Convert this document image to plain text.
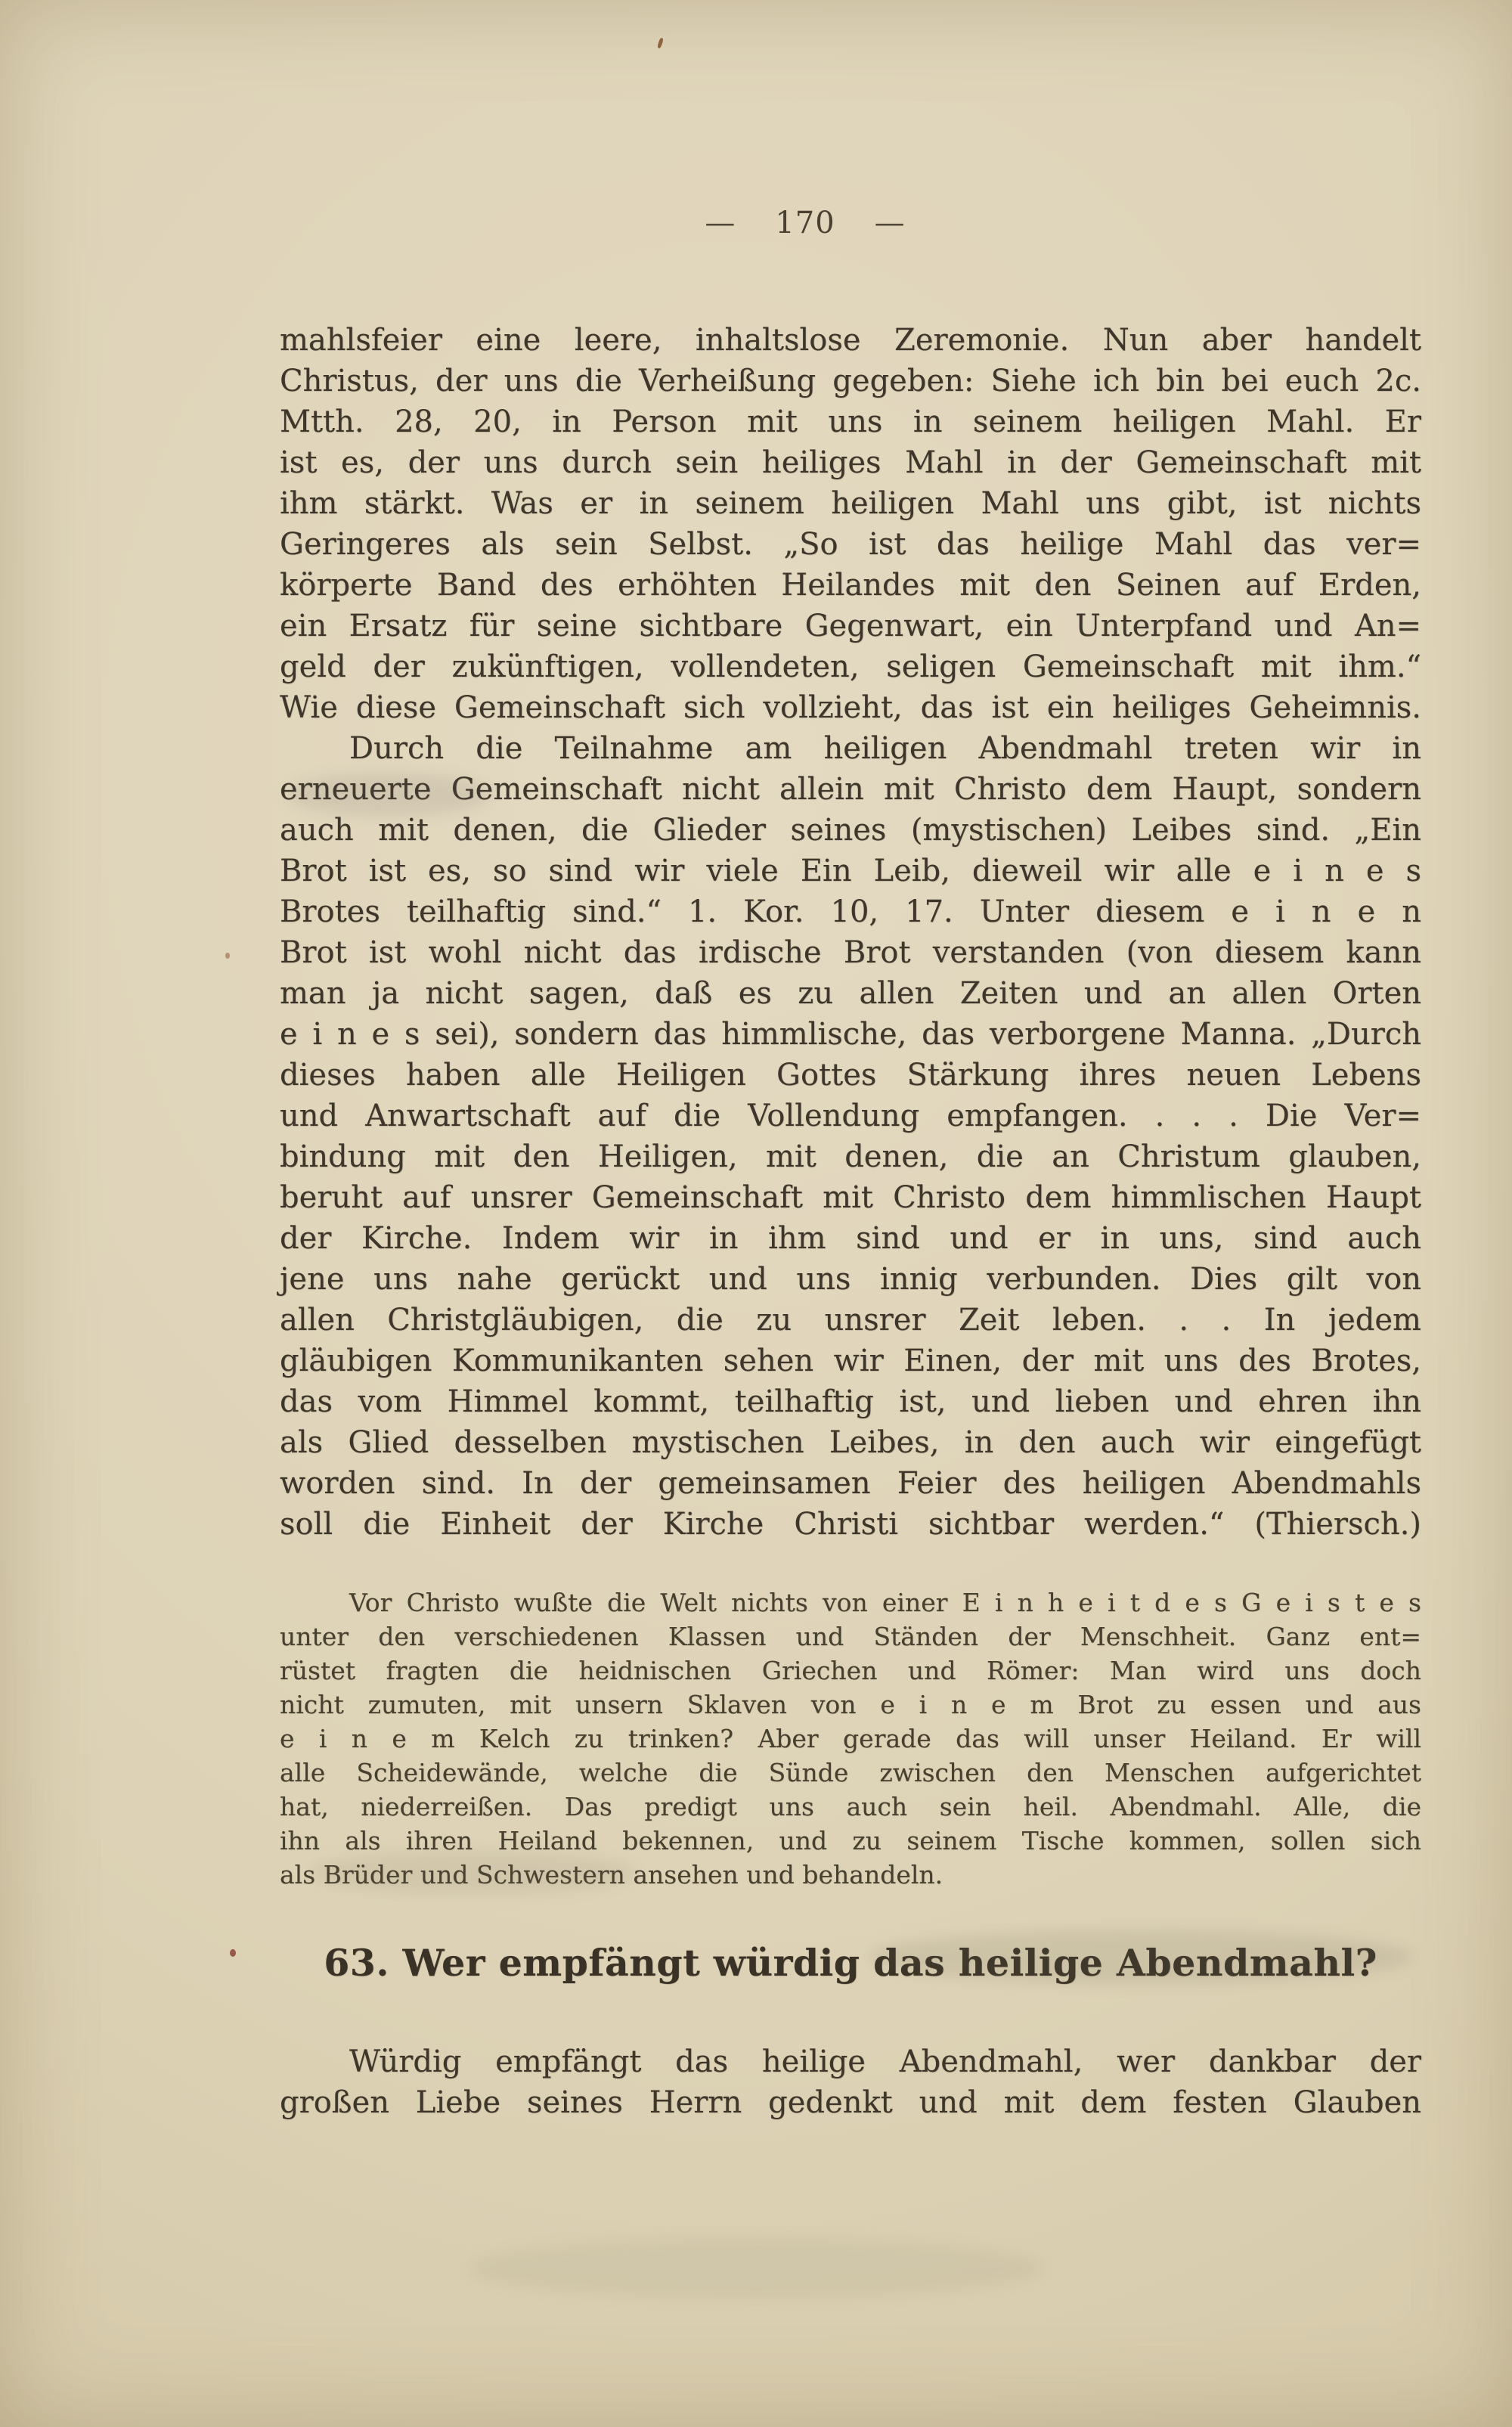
— 170 —
mahlsfeier eine leere, inhaltslose Zeremonie. Nun aber handelt
Christus, der uns die Verheißung gegeben: Siehe ich bin bei euch 2c.
Mtth. 28, 20, in Person mit uns in seinem heiligen Mahl. Er
ist es, der uns durch sein heiliges Mahl in der Gemeinschaft mit
ihm stärkt. Was er in seinem heiligen Mahl uns gibt, ist nichts
Geringeres als sein Selbst. „So ist das heilige Mahl das ver=
körperte Band des erhöhten Heilandes mit den Seinen auf Erden,
ein Ersatz für seine sichtbare Gegenwart, ein Unterpfand und An=
geld der zukünftigen, vollendeten, seligen Gemeinschaft mit ihm.“
Wie diese Gemeinschaft sich vollzieht, das ist ein heiliges Geheimnis.
Durch die Teilnahme am heiligen Abendmahl treten wir in
erneuerte Gemeinschaft nicht allein mit Christo dem Haupt, sondern
auch mit denen, die Glieder seines (mystischen) Leibes sind. „Ein
Brot ist es, so sind wir viele Ein Leib, dieweil wir alle e i n e s
Brotes teilhaftig sind.“ 1. Kor. 10, 17. Unter diesem e i n e n
Brot ist wohl nicht das irdische Brot verstanden (von diesem kann
man ja nicht sagen, daß es zu allen Zeiten und an allen Orten
e i n e s sei), sondern das himmlische, das verborgene Manna. „Durch
dieses haben alle Heiligen Gottes Stärkung ihres neuen Lebens
und Anwartschaft auf die Vollendung empfangen. . . . Die Ver=
bindung mit den Heiligen, mit denen, die an Christum glauben,
beruht auf unsrer Gemeinschaft mit Christo dem himmlischen Haupt
der Kirche. Indem wir in ihm sind und er in uns, sind auch
jene uns nahe gerückt und uns innig verbunden. Dies gilt von
allen Christgläubigen, die zu unsrer Zeit leben. . . In jedem
gläubigen Kommunikanten sehen wir Einen, der mit uns des Brotes,
das vom Himmel kommt, teilhaftig ist, und lieben und ehren ihn
als Glied desselben mystischen Leibes, in den auch wir eingefügt
worden sind. In der gemeinsamen Feier des heiligen Abendmahls
soll die Einheit der Kirche Christi sichtbar werden.“ (Thiersch.)
Vor Christo wußte die Welt nichts von einer E i n h e i t d e s G e i s t e s
unter den verschiedenen Klassen und Ständen der Menschheit. Ganz ent=
rüstet fragten die heidnischen Griechen und Römer: Man wird uns doch
nicht zumuten, mit unsern Sklaven von e i n e m Brot zu essen und aus
e i n e m Kelch zu trinken? Aber gerade das will unser Heiland. Er will
alle Scheidewände, welche die Sünde zwischen den Menschen aufgerichtet
hat, niederreißen. Das predigt uns auch sein heil. Abendmahl. Alle, die
ihn als ihren Heiland bekennen, und zu seinem Tische kommen, sollen sich
als Brüder und Schwestern ansehen und behandeln.
63. Wer empfängt würdig das heilige Abendmahl?
Würdig empfängt das heilige Abendmahl, wer dankbar der
großen Liebe seines Herrn gedenkt und mit dem festen Glauben
